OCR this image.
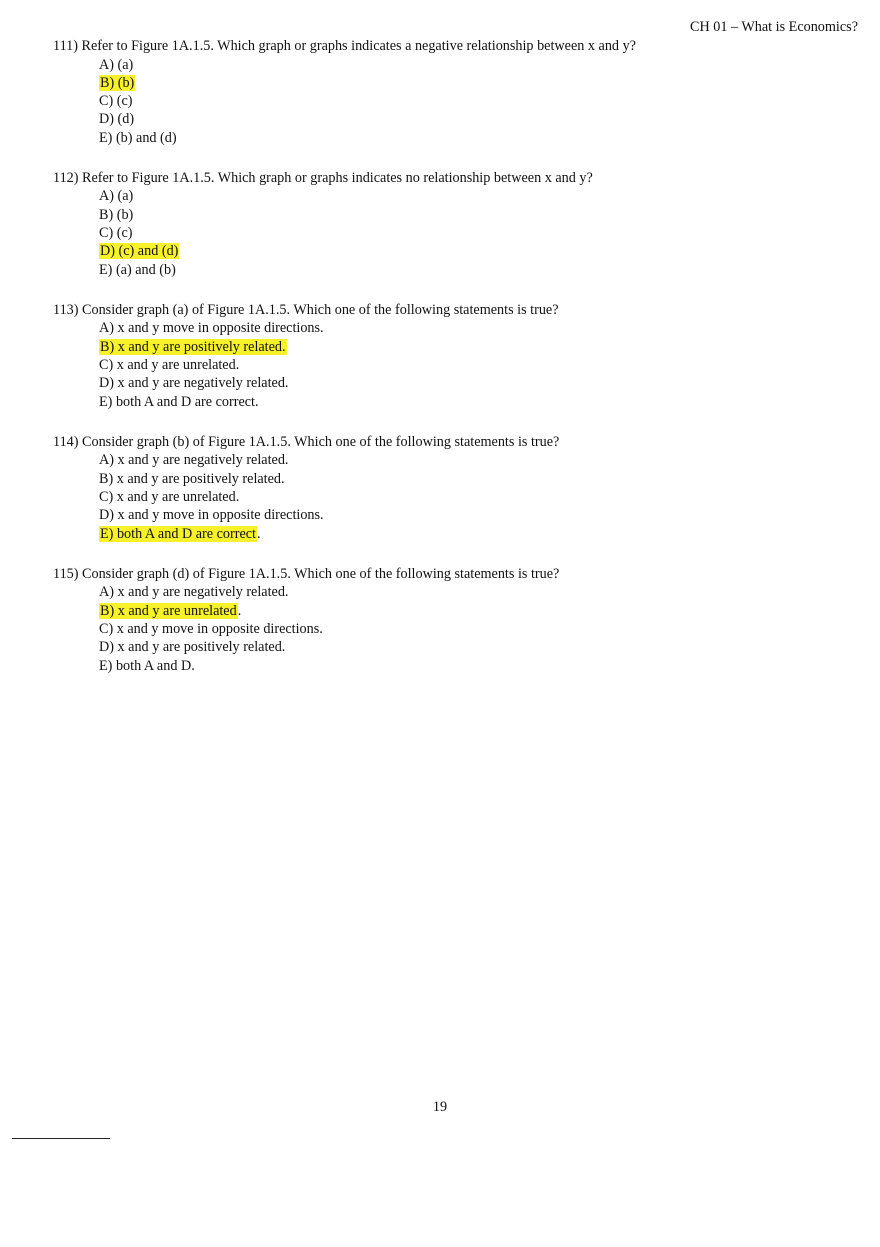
CH 01 – What is Economics?
111) Refer to Figure 1A.1.5. Which graph or graphs indicates a negative relationship between x and y?
A) (a)
B) (b)
C) (c)
D) (d)
E) (b) and (d)
112) Refer to Figure 1A.1.5. Which graph or graphs indicates no relationship between x and y?
A) (a)
B) (b)
C) (c)
D) (c) and (d)
E) (a) and (b)
113) Consider graph (a) of Figure 1A.1.5. Which one of the following statements is true?
A) x and y move in opposite directions.
B) x and y are positively related.
C) x and y are unrelated.
D) x and y are negatively related.
E) both A and D are correct.
114) Consider graph (b) of Figure 1A.1.5. Which one of the following statements is true?
A) x and y are negatively related.
B) x and y are positively related.
C) x and y are unrelated.
D) x and y move in opposite directions.
E) both A and D are correct.
115) Consider graph (d) of Figure 1A.1.5. Which one of the following statements is true?
A) x and y are negatively related.
B) x and y are unrelated.
C) x and y move in opposite directions.
D) x and y are positively related.
E) both A and D.
19
